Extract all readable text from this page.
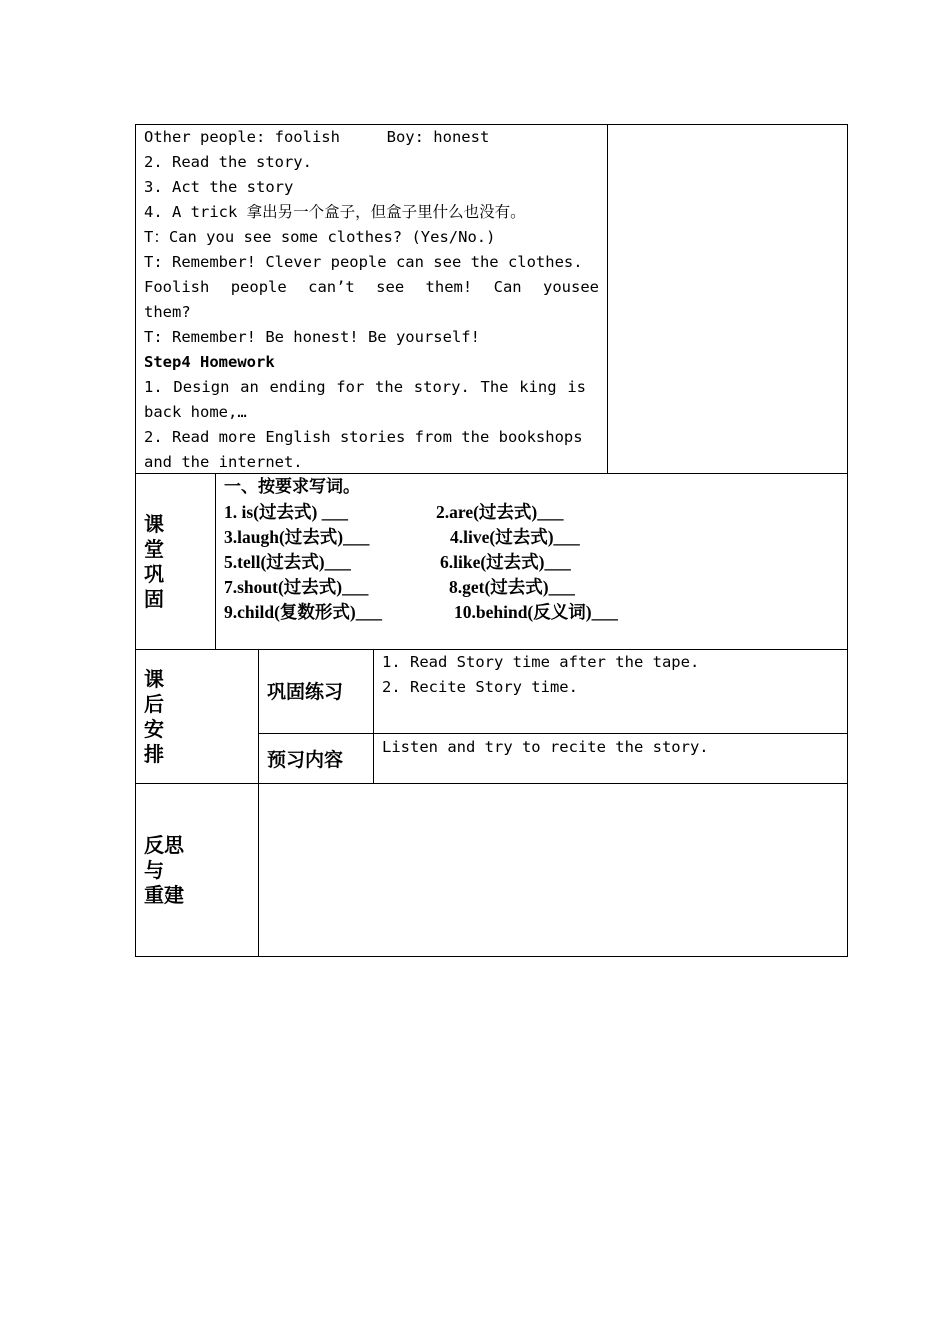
Other people: foolish     Boy: honest
2. Read the story.
3. Act the story
4. A trick 拿出另一个盒子，但盒子里什么也没有。
T：Can you see some clothes? (Yes/No.)
T: Remember! Clever people can see the clothes.
Foolish people can’t see them! Can yousee
them?
T: Remember! Be honest! Be yourself!
Step4 Homework
1. Design an ending for the story. The king is
back home,…
2. Read more English stories from the bookshops
and the internet.
课
堂
巩
固
一、按要求写词。
1. is(过去式) ___
3.laugh(过去式)___
5.tell(过去式)___
7.shout(过去式)___
9.child(复数形式)___
2.are(过去式)___
4.live(过去式)___
6.like(过去式)___
8.get(过去式)___
10.behind(反义词)___
课
后
安
排
巩固练习
1. Read Story time after the tape.
2. Recite Story time.
预习内容
Listen and try to recite the story.
反思
与
重建
